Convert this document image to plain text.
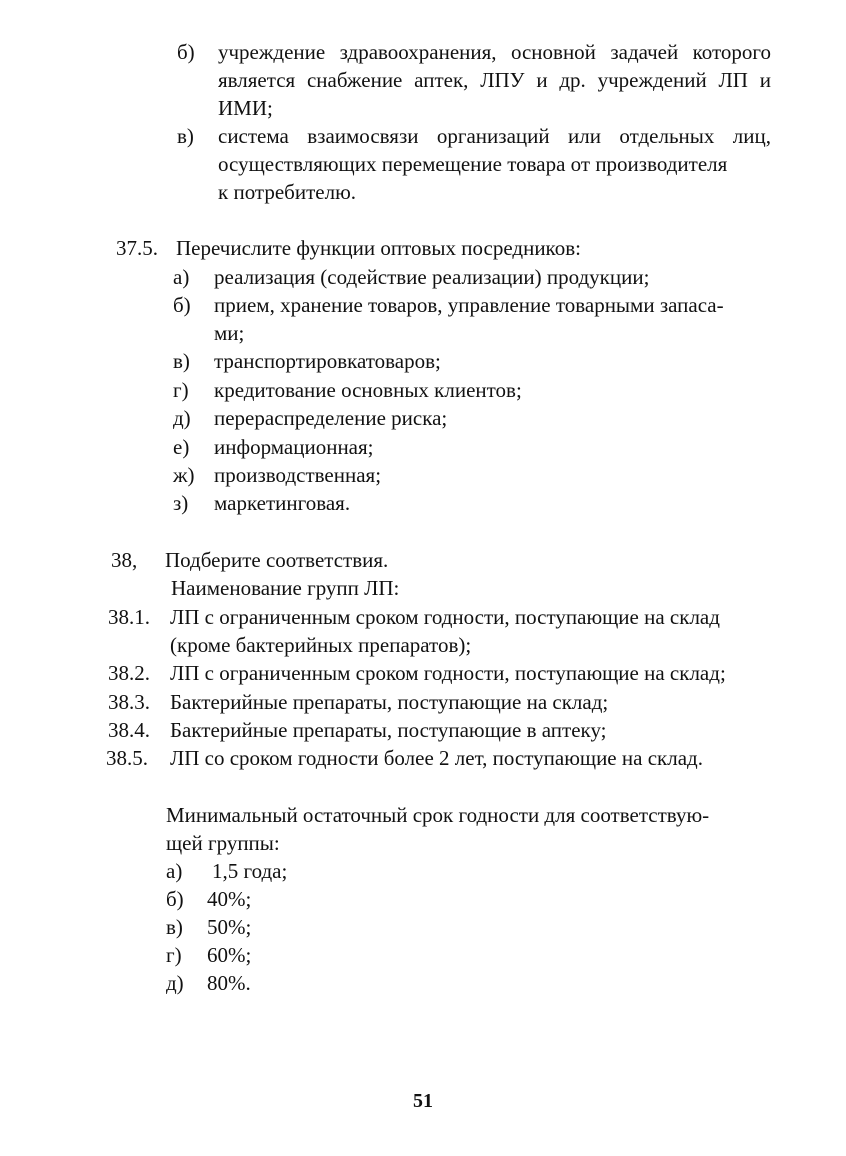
б) учреждение здравоохранения, основной задачей которого
является снабжение аптек, ЛПУ и др. учреждений ЛП и
ИМИ;
в) система взаимосвязи организаций или отдельных лиц,
осуществляющих перемещение товара от производителя
к потребителю.
37.5. Перечислите функции оптовых посредников:
а) реализация (содействие реализации) продукции;
б) прием, хранение товаров, управление товарными запаса-
ми;
в) транспортировкатоваров;
г) кредитование основных клиентов;
д) перераспределение риска;
е) информационная;
ж) производственная;
з) маркетинговая.
38, Подберите соответствия.
Наименование групп ЛП:
38.1. ЛП с ограниченным сроком годности, поступающие на склад
(кроме бактерийных препаратов);
38.2. ЛП с ограниченным сроком годности, поступающие на склад;
38.3. Бактерийные препараты, поступающие на склад;
38.4. Бактерийные препараты, поступающие в аптеку;
38.5. ЛП со сроком годности более 2 лет, поступающие на склад.
Минимальный остаточный срок годности для соответствую-
щей группы:
а) 1,5 года;
б) 40%;
в) 50%;
г) 60%;
д) 80%.
51
